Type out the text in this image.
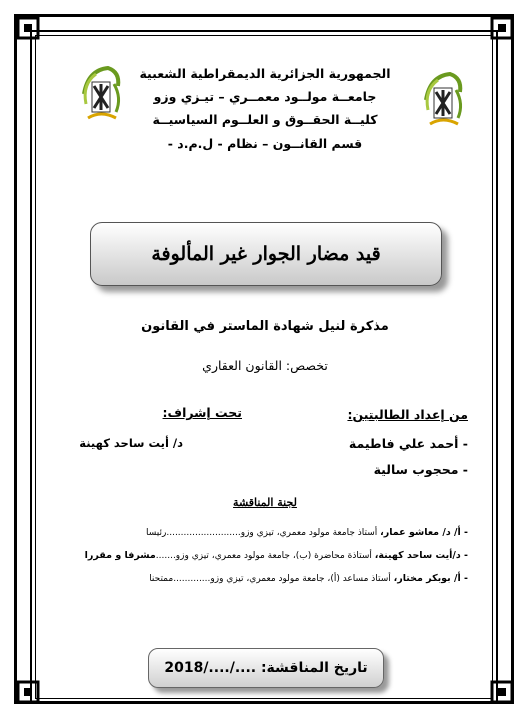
الجمهورية الجزائرية الديمقراطية الشعبية
جامعــة مولــود معمــري – تيـزي وزو
كليــة الحقــوق و العلــوم السياسيــة
قسم القانــون – نظام - ل.م.د -
قيد مضار الجوار غير المألوفة
مذكرة لنيل شهادة الماستر في القانون
تخصص: القانون العقاري
من إعداد الطالبتين:
تحت إشراف:
- أحمد علي فاطيمة
د/ أيت ساحد كهينة
- محجوب سالية
لجنة المناقشة
- أ/ د/ معاشو عمار، أستاذ جامعة مولود معمري، تيزي وزو..........................رئيسا
- د/أيت ساحد كهينة، أستاذة محاضرة (ب)، جامعة مولود معمري، تيزي وزو.......مشرفا و مقررا
- أ/ بوبكر مختار، أستاذ مساعد (أ)، جامعة مولود معمري، تيزي وزو.............ممتحنا
تاريخ المناقشة: ..../..../2018
